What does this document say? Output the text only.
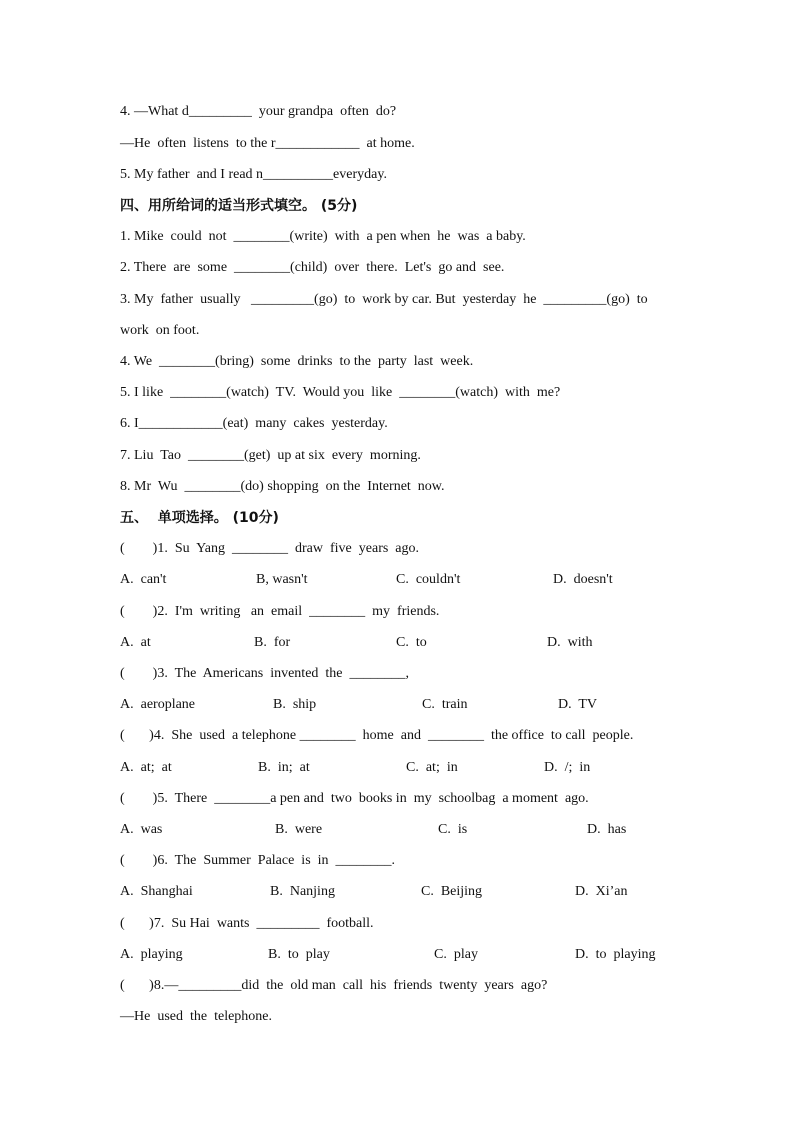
4. —What d_________  your grandpa  often  do?
—He  often  listens  to the r____________  at home.
5. My father  and I read n__________everyday.
四、用所给词的适当形式填空。 (5分)
1. Mike  could  not  ________(write)  with  a pen when  he  was  a baby.
2. There  are  some  ________(child)  over  there.  Let's  go and  see.
3. My  father  usually   _________(go)  to  work by car. But  yesterday  he  _________(go)  to
work  on foot.
4. We  ________(bring)  some  drinks  to the  party  last  week.
5. I like  ________(watch)  TV.  Would you  like  ________(watch)  with  me?
6. I____________(eat)  many  cakes  yesterday.
7. Liu  Tao  ________(get)  up at six  every  morning.
8. Mr  Wu  ________(do) shopping  on the  Internet  now.
五、  单项选择。 (10分)
(        )1.  Su  Yang  ________  draw  five  years  ago.

A.  can't

	B, wasn't

	C.  couldn't

	D.  doesn't

(        )2.  I'm  writing   an  email  ________  my  friends.

A.  at

	B.  for

	C.  to

	D.  with

(        )3.  The  Americans  invented  the  ________,

A.  aeroplane

	B.  ship

	C.  train

	D.  TV

(       )4.  She  used  a telephone ________  home  and  ________  the office  to call  people.

A.  at;  at

	B.  in;  at

	C.  at;  in

	D.  /;  in

(        )5.  There  ________a pen and  two  books in  my  schoolbag  a moment  ago.

A.  was

	B.  were

	C.  is

	D.  has

(        )6.  The  Summer  Palace  is  in  ________.

A.  Shanghai

	B.  Nanjing

	C.  Beijing

	D.  Xi’an

(       )7.  Su Hai  wants  _________  football.

A.  playing

	B.  to  play

	C.  play

	D.  to  playing

(       )8.—_________did  the  old man  call  his  friends  twenty  years  ago?
—He  used  the  telephone.
